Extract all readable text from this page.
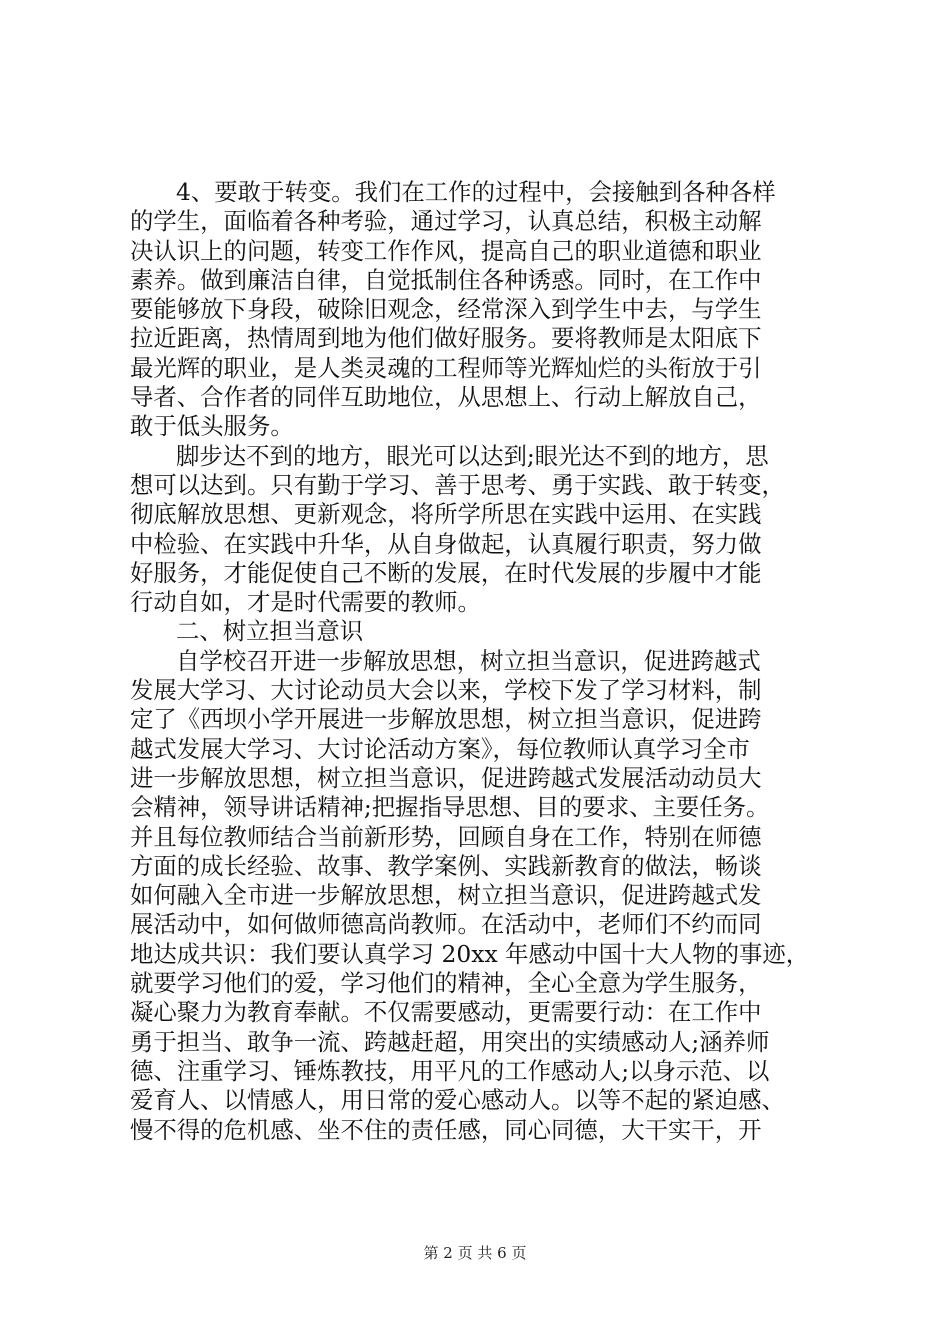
4、要敢于转变。我们在工作的过程中，会接触到各种各样
的学生，面临着各种考验，通过学习，认真总结，积极主动解
决认识上的问题，转变工作作风，提高自己的职业道德和职业
素养。做到廉洁自律，自觉抵制住各种诱惑。同时，在工作中
要能够放下身段，破除旧观念，经常深入到学生中去，与学生
拉近距离，热情周到地为他们做好服务。要将教师是太阳底下
最光辉的职业，是人类灵魂的工程师等光辉灿烂的头衔放于引
导者、合作者的同伴互助地位，从思想上、行动上解放自己，
敢于低头服务。
脚步达不到的地方，眼光可以达到;眼光达不到的地方，思
想可以达到。只有勤于学习、善于思考、勇于实践、敢于转变，
彻底解放思想、更新观念，将所学所思在实践中运用、在实践
中检验、在实践中升华，从自身做起，认真履行职责，努力做
好服务，才能促使自己不断的发展，在时代发展的步履中才能
行动自如，才是时代需要的教师。
二、树立担当意识
自学校召开进一步解放思想，树立担当意识，促进跨越式
发展大学习、大讨论动员大会以来，学校下发了学习材料，制
定了《西坝小学开展进一步解放思想，树立担当意识，促进跨
越式发展大学习、大讨论活动方案》，每位教师认真学习全市
进一步解放思想，树立担当意识，促进跨越式发展活动动员大
会精神，领导讲话精神;把握指导思想、目的要求、主要任务。
并且每位教师结合当前新形势，回顾自身在工作，特别在师德
方面的成长经验、故事、教学案例、实践新教育的做法，畅谈
如何融入全市进一步解放思想，树立担当意识，促进跨越式发
展活动中，如何做师德高尚教师。在活动中，老师们不约而同
地达成共识：我们要认真学习 20xx 年感动中国十大人物的事迹，
就要学习他们的爱，学习他们的精神，全心全意为学生服务，
凝心聚力为教育奉献。不仅需要感动，更需要行动：在工作中
勇于担当、敢争一流、跨越赶超，用突出的实绩感动人;涵养师
德、注重学习、锤炼教技，用平凡的工作感动人;以身示范、以
爱育人、以情感人，用日常的爱心感动人。以等不起的紧迫感、
慢不得的危机感、坐不住的责任感，同心同德，大干实干，开
第 2 页 共 6 页
